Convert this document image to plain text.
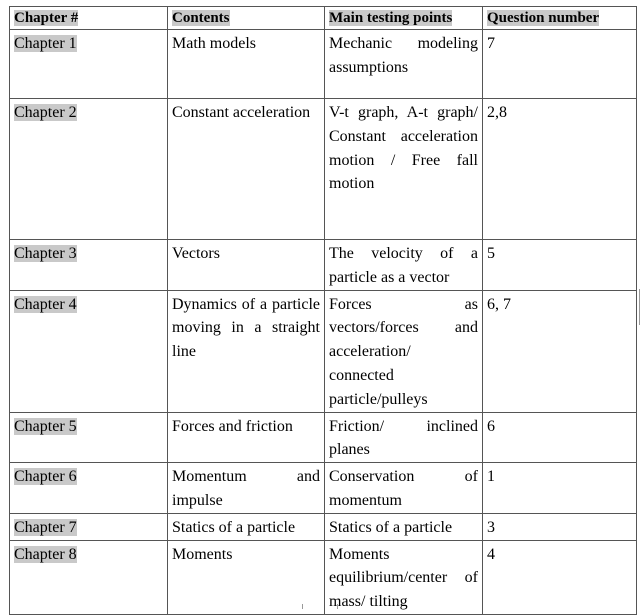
Chapter #	Contents	Main testing points	Question number
Chapter 1	Math models	Mechanic modeling assumptions	7
Chapter 2	Constant acceleration	V-t graph, A-t graph/ Constant acceleration motion / Free fall motion	2,8
Chapter 3	Vectors	The velocity of a particle as a vector	5
Chapter 4	Dynamics of a particle moving in a straight line	Forces as vectors/forces and acceleration/ connected particle/pulleys	6, 7
Chapter 5	Forces and friction	Friction/ inclined planes	6
Chapter 6	Momentum and impulse	Conservation of momentum	1
Chapter 7	Statics of a particle	Statics of a particle	3
Chapter 8	Moments	Moments equilibrium/center of mass/ tilting	4
